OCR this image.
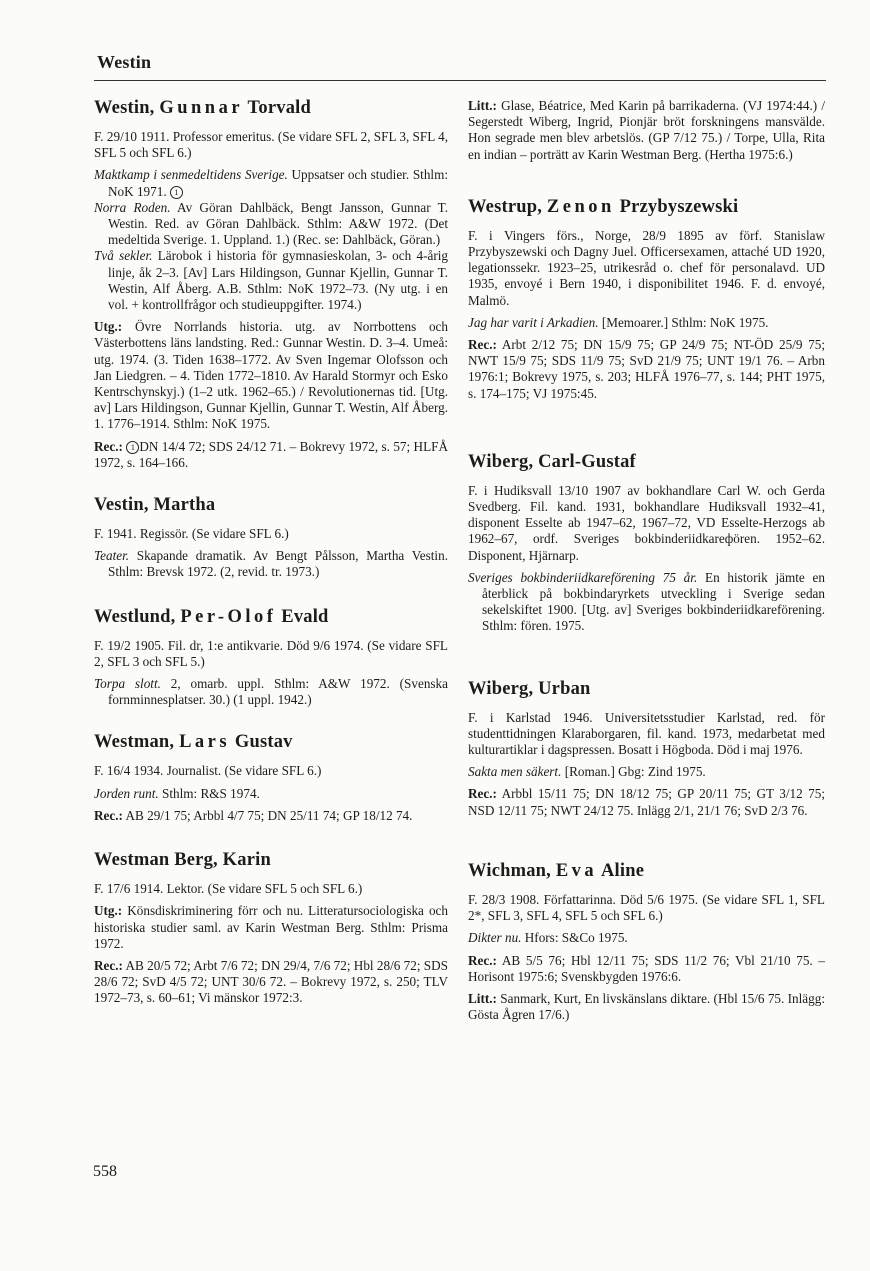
Westin
Westin, Gunnar Torvald
F. 29/10 1911. Professor emeritus. (Se vidare SFL 2, SFL 3, SFL 4, SFL 5 och SFL 6.)
Maktkamp i senmedeltidens Sverige. Uppsatser och studier. Sthlm: NoK 1971. 1
Norra Roden. Av Göran Dahlbäck, Bengt Jansson, Gunnar T. Westin. Red. av Göran Dahlbäck. Sthlm: A&W 1972. (Det medeltida Sverige. 1. Uppland. 1.) (Rec. se: Dahlbäck, Göran.)
Två sekler. Lärobok i historia för gymnasieskolan, 3- och 4-årig linje, åk 2–3. [Av] Lars Hildingson, Gunnar Kjellin, Gunnar T. Westin, Alf Åberg. A.B. Sthlm: NoK 1972–73. (Ny utg. i en vol. + kontrollfrågor och studieuppgifter. 1974.)
Utg.: Övre Norrlands historia. utg. av Norrbottens och Västerbottens läns landsting. Red.: Gunnar Westin. D. 3–4. Umeå: utg. 1974. (3. Tiden 1638–1772. Av Sven Ingemar Olofsson och Jan Liedgren. – 4. Tiden 1772–1810. Av Harald Stormyr och Esko Kentrschynskyj.) (1–2 utk. 1962–65.) / Revolutionernas tid. [Utg. av] Lars Hildingson, Gunnar Kjellin, Gunnar T. Westin, Alf Åberg. 1. 1776–1914. Sthlm: NoK 1975.
Rec.: 1 DN 14/4 72; SDS 24/12 71. – Bokrevy 1972, s. 57; HLFÅ 1972, s. 164–166.
Vestin, Martha
F. 1941. Regissör. (Se vidare SFL 6.)
Teater. Skapande dramatik. Av Bengt Pålsson, Martha Vestin. Sthlm: Brevsk 1972. (2, revid. tr. 1973.)
Westlund, Per-Olof Evald
F. 19/2 1905. Fil. dr, 1:e antikvarie. Död 9/6 1974. (Se vidare SFL 2, SFL 3 och SFL 5.)
Torpa slott. 2, omarb. uppl. Sthlm: A&W 1972. (Svenska fornminnesplatser. 30.) (1 uppl. 1942.)
Westman, Lars Gustav
F. 16/4 1934. Journalist. (Se vidare SFL 6.)
Jorden runt. Sthlm: R&S 1974.
Rec.: AB 29/1 75; Arbbl 4/7 75; DN 25/11 74; GP 18/12 74.
Westman Berg, Karin
F. 17/6 1914. Lektor. (Se vidare SFL 5 och SFL 6.)
Utg.: Könsdiskriminering förr och nu. Litteratursociologiska och historiska studier saml. av Karin Westman Berg. Sthlm: Prisma 1972.
Rec.: AB 20/5 72; Arbt 7/6 72; DN 29/4, 7/6 72; Hbl 28/6 72; SDS 28/6 72; SvD 4/5 72; UNT 30/6 72. – Bokrevy 1972, s. 250; TLV 1972–73, s. 60–61; Vi mänskor 1972:3.
Litt.: Glase, Béatrice, Med Karin på barrikaderna. (VJ 1974:44.) / Segerstedt Wiberg, Ingrid, Pionjär bröt forskningens mansvälde. Hon segrade men blev arbetslös. (GP 7/12 75.) / Torpe, Ulla, Rita en indian – porträtt av Karin Westman Berg. (Hertha 1975:6.)
Westrup, Zenon Przybyszewski
F. i Vingers förs., Norge, 28/9 1895 av förf. Stanislaw Przybyszewski och Dagny Juel. Officersexamen, attaché UD 1920, legationssekr. 1923–25, utrikesråd o. chef för personalavd. UD 1935, envoyé i Bern 1940, i disponibilitet 1946. F. d. envoyé, Malmö.
Jag har varit i Arkadien. [Memoarer.] Sthlm: NoK 1975.
Rec.: Arbt 2/12 75; DN 15/9 75; GP 24/9 75; NT-ÖD 25/9 75; NWT 15/9 75; SDS 11/9 75; SvD 21/9 75; UNT 19/1 76. – Arbn 1976:1; Bokrevy 1975, s. 203; HLFÅ 1976–77, s. 144; PHT 1975, s. 174–175; VJ 1975:45.
Wiberg, Carl-Gustaf
F. i Hudiksvall 13/10 1907 av bokhandlare Carl W. och Gerda Svedberg. Fil. kand. 1931, bokhandlare Hudiksvall 1932–41, disponent Esselte ab 1947–62, 1967–72, VD Esselte-Herzogs ab 1962–67, ordf. Sveriges bokbinderiidkareфören. 1952–62. Disponent, Hjärnarp.
Sveriges bokbinderiidkareförening 75 år. En historik jämte en återblick på bokbindaryrkets utveckling i Sverige sedan sekelskiftet 1900. [Utg. av] Sveriges bokbinderiidkareförening. Sthlm: fören. 1975.
Wiberg, Urban
F. i Karlstad 1946. Universitetsstudier Karlstad, red. för studenttidningen Klaraborgaren, fil. kand. 1973, medarbetat med kulturartiklar i dagspressen. Bosatt i Högboda. Död i maj 1976.
Sakta men säkert. [Roman.] Gbg: Zind 1975.
Rec.: Arbbl 15/11 75; DN 18/12 75; GP 20/11 75; GT 3/12 75; NSD 12/11 75; NWT 24/12 75. Inlägg 2/1, 21/1 76; SvD 2/3 76.
Wichman, Eva Aline
F. 28/3 1908. Författarinna. Död 5/6 1975. (Se vidare SFL 1, SFL 2*, SFL 3, SFL 4, SFL 5 och SFL 6.)
Dikter nu. Hfors: S&Co 1975.
Rec.: AB 5/5 76; Hbl 12/11 75; SDS 11/2 76; Vbl 21/10 75. – Horisont 1975:6; Svenskbygden 1976:6.
Litt.: Sanmark, Kurt, En livskänslans diktare. (Hbl 15/6 75. Inlägg: Gösta Ågren 17/6.)
558
